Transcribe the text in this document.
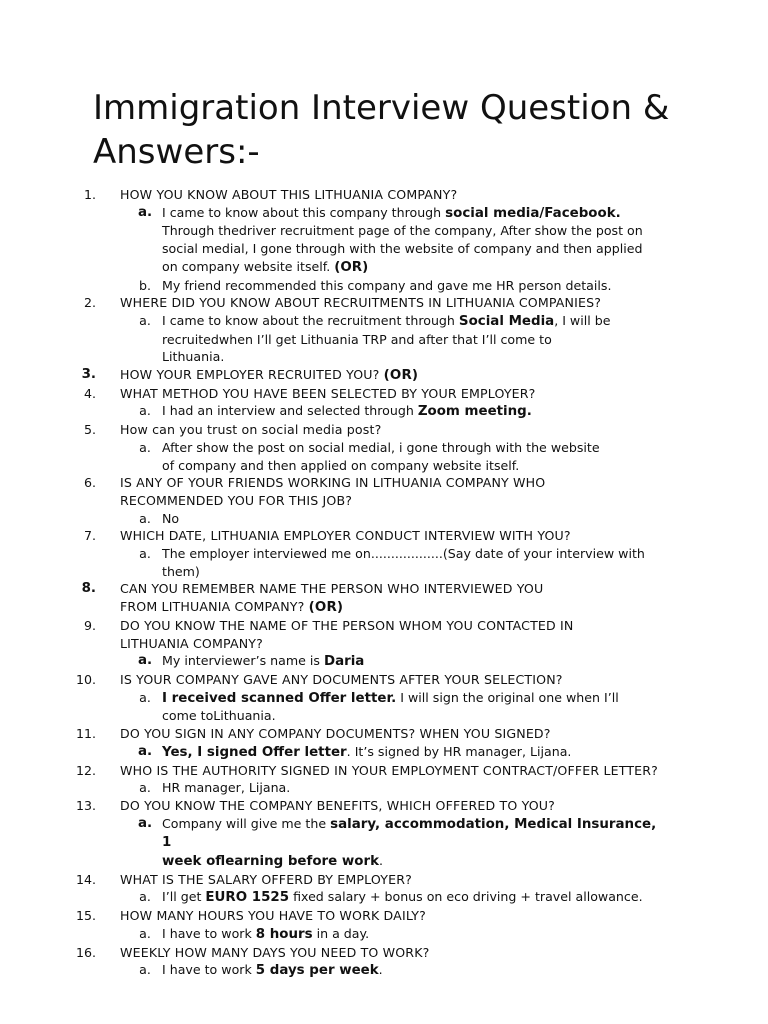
Immigration Interview Question & Answers:-
1. HOW YOU KNOW ABOUT THIS LITHUANIA COMPANY?
a. I came to know about this company through social media/Facebook.
Through thedriver recruitment page of the company, After show the post on
social medial, I gone through with the website of company and then applied
on company website itself. (OR)
b. My friend recommended this company and gave me HR person details.
2. WHERE DID YOU KNOW ABOUT RECRUITMENTS IN LITHUANIA COMPANIES?
a. I came to know about the recruitment through Social Media, I will be
recruitedwhen I’ll get Lithuania TRP and after that I’ll come to
Lithuania.
3. HOW YOUR EMPLOYER RECRUITED YOU? (OR)
4. WHAT METHOD YOU HAVE BEEN SELECTED BY YOUR EMPLOYER?
a. I had an interview and selected through Zoom meeting.
5. How can you trust on social media post?
a. After show the post on social medial, i gone through with the website
of company and then applied on company website itself.
6. IS ANY OF YOUR FRIENDS WORKING IN LITHUANIA COMPANY WHO
RECOMMENDED YOU FOR THIS JOB?
a. No
7. WHICH DATE, LITHUANIA EMPLOYER CONDUCT INTERVIEW WITH YOU?
a. The employer interviewed me on..................(Say date of your interview with
them)
8. CAN YOU REMEMBER NAME THE PERSON WHO INTERVIEWED YOU
FROM LITHUANIA COMPANY? (OR)
9. DO YOU KNOW THE NAME OF THE PERSON WHOM YOU CONTACTED IN
LITHUANIA COMPANY?
a. My interviewer’s name is Daria
10. IS YOUR COMPANY GAVE ANY DOCUMENTS AFTER YOUR SELECTION?
a. I received scanned Offer letter. I will sign the original one when I’ll
come toLithuania.
11. DO YOU SIGN IN ANY COMPANY DOCUMENTS? WHEN YOU SIGNED?
a. Yes, I signed Offer letter. It’s signed by HR manager, Lijana.
12. WHO IS THE AUTHORITY SIGNED IN YOUR EMPLOYMENT CONTRACT/OFFER LETTER?
a. HR manager, Lijana.
13. DO YOU KNOW THE COMPANY BENEFITS, WHICH OFFERED TO YOU?
a. Company will give me the salary, accommodation, Medical Insurance, 1
week oflearning before work.
14. WHAT IS THE SALARY OFFERD BY EMPLOYER?
a. I’ll get EURO 1525 fixed salary + bonus on eco driving + travel allowance.
15. HOW MANY HOURS YOU HAVE TO WORK DAILY?
a. I have to work 8 hours in a day.
16. WEEKLY HOW MANY DAYS YOU NEED TO WORK?
a. I have to work 5 days per week.
